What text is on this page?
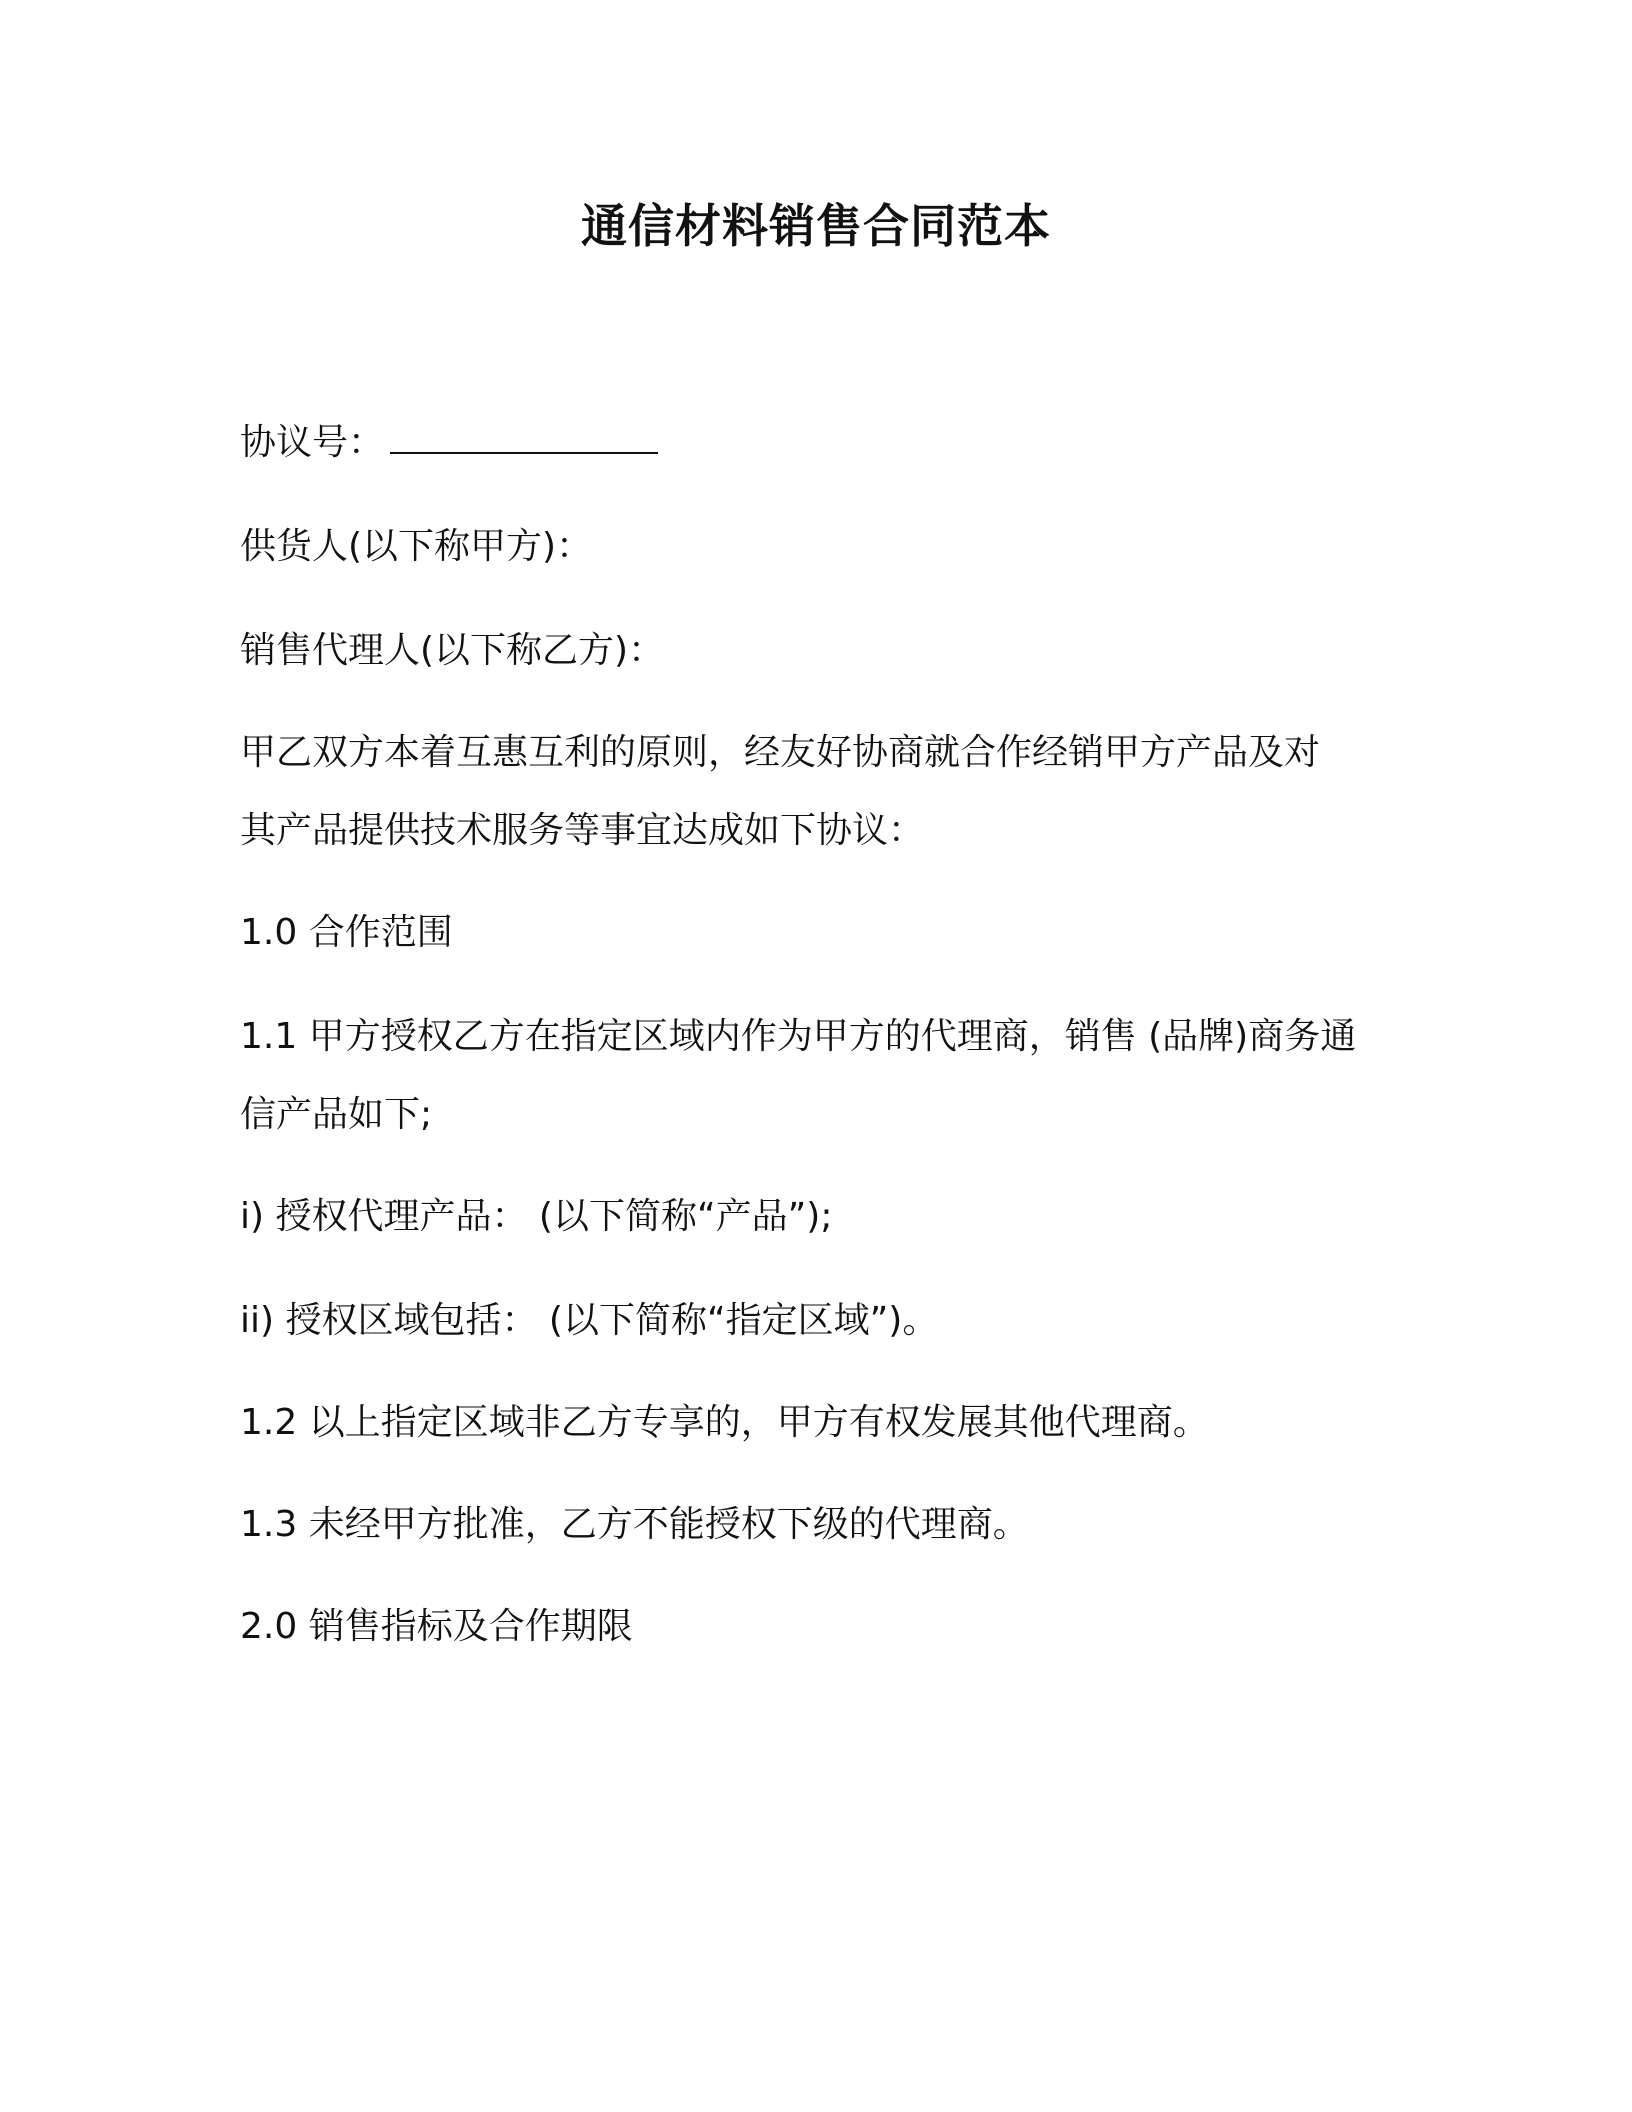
通信材料销售合同范本

协议号：

供货人(以下称甲方)：

销售代理人(以下称乙方)：

甲乙双方本着互惠互利的原则，经友好协商就合作经销甲方产品及对

其产品提供技术服务等事宜达成如下协议：

1.0 合作范围

1.1 甲方授权乙方在指定区域内作为甲方的代理商，销售 (品牌)商务通

信产品如下;

i) 授权代理产品： (以下简称“产品”);

ii) 授权区域包括： (以下简称“指定区域”)。

1.2 以上指定区域非乙方专享的，甲方有权发展其他代理商。

1.3 未经甲方批准，乙方不能授权下级的代理商。

2.0 销售指标及合作期限
